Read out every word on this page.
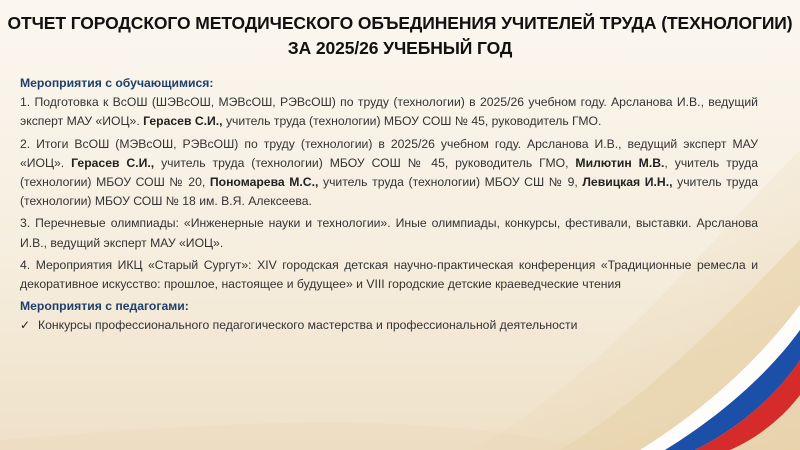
ОТЧЕТ ГОРОДСКОГО МЕТОДИЧЕСКОГО ОБЪЕДИНЕНИЯ УЧИТЕЛЕЙ ТРУДА (ТЕХНОЛОГИИ)
ЗА 2025/26 УЧЕБНЫЙ ГОД

Мероприятия с обучающимися:

1. Подготовка к ВсОШ (ШЭВсОШ, МЭВсОШ, РЭВсОШ) по труду (технологии) в 2025/26 учебном году. Арсланова И.В., ведущий эксперт МАУ «ИОЦ». Герасев С.И., учитель труда (технологии) МБОУ СОШ № 45, руководитель ГМО.

2. Итоги ВсОШ (МЭВсОШ, РЭВсОШ) по труду (технологии) в 2025/26 учебном году. Арсланова И.В., ведущий эксперт МАУ «ИОЦ». Герасев С.И., учитель труда (технологии) МБОУ СОШ № 45, руководитель ГМО, Милютин М.В., учитель труда (технологии) МБОУ СОШ № 20, Пономарева М.С., учитель труда (технологии) МБОУ СШ № 9, Левицкая И.Н., учитель труда (технологии) МБОУ СОШ № 18 им. В.Я. Алексеева.

3. Перечневые олимпиады: «Инженерные науки и технологии». Иные олимпиады, конкурсы, фестивали, выставки. Арсланова И.В., ведущий эксперт МАУ «ИОЦ».

4. Мероприятия ИКЦ «Старый Сургут»: XIV городская детская научно-практическая конференция «Традиционные ремесла и декоративное искусство: прошлое, настоящее и будущее» и VIII городские детские краеведческие чтения

Мероприятия с педагогами:

✓ Конкурсы профессионального педагогического мастерства и профессиональной деятельности
